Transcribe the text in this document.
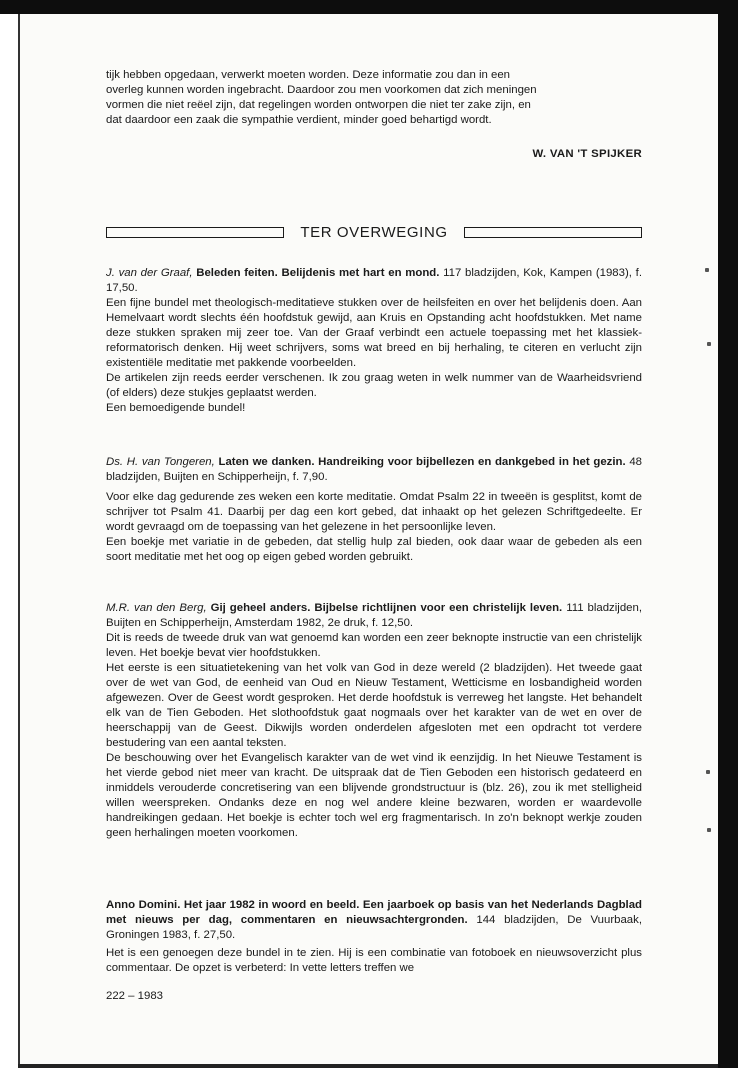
tijk hebben opgedaan, verwerkt moeten worden. Deze informatie zou dan in een

overleg kunnen worden ingebracht. Daardoor zou men voorkomen dat zich meningen

vormen die niet reëel zijn, dat regelingen worden ontworpen die niet ter zake zijn, en

dat daardoor een zaak die sympathie verdient, minder goed behartigd wordt.

W. VAN 'T SPIJKER
TER OVERWEGING

J. van der Graaf, Beleden feiten. Belijdenis met hart en mond. 117 bladzijden, Kok, Kampen (1983), f. 17,50.

Een fijne bundel met theologisch-meditatieve stukken over de heilsfeiten en over het belijdenis doen. Aan Hemelvaart wordt slechts één hoofdstuk gewijd, aan Kruis en Opstanding acht hoofdstukken. Met name deze stukken spraken mij zeer toe. Van der Graaf verbindt een actuele toepassing met het klassiek-reformatorisch denken. Hij weet schrijvers, soms wat breed en bij herhaling, te citeren en verlucht zijn existentiële meditatie met pakkende voorbeelden.

De artikelen zijn reeds eerder verschenen. Ik zou graag weten in welk nummer van de Waarheidsvriend (of elders) deze stukjes geplaatst werden.

Een bemoedigende bundel!

Ds. H. van Tongeren, Laten we danken. Handreiking voor bijbellezen en dankgebed in het gezin. 48 bladzijden, Buijten en Schipperheijn, f. 7,90.

Voor elke dag gedurende zes weken een korte meditatie. Omdat Psalm 22 in tweeën is gesplitst, komt de schrijver tot Psalm 41. Daarbij per dag een kort gebed, dat inhaakt op het gelezen Schriftgedeelte. Er wordt gevraagd om de toepassing van het gelezene in het persoonlijke leven.

Een boekje met variatie in de gebeden, dat stellig hulp zal bieden, ook daar waar de gebeden als een soort meditatie met het oog op eigen gebed worden gebruikt.

M.R. van den Berg, Gij geheel anders. Bijbelse richtlijnen voor een christelijk leven. 111 bladzijden, Buijten en Schipperheijn, Amsterdam 1982, 2e druk, f. 12,50.

Dit is reeds de tweede druk van wat genoemd kan worden een zeer beknopte instructie van een christelijk leven. Het boekje bevat vier hoofdstukken.

Het eerste is een situatietekening van het volk van God in deze wereld (2 bladzijden). Het tweede gaat over de wet van God, de eenheid van Oud en Nieuw Testament, Wetticisme en losbandigheid worden afgewezen. Over de Geest wordt gesproken. Het derde hoofdstuk is verreweg het langste. Het behandelt elk van de Tien Geboden. Het slothoofdstuk gaat nogmaals over het karakter van de wet en over de heerschappij van de Geest. Dikwijls worden onderdelen afgesloten met een opdracht tot verdere bestudering van een aantal teksten.

De beschouwing over het Evangelisch karakter van de wet vind ik eenzijdig. In het Nieuwe Testament is het vierde gebod niet meer van kracht. De uitspraak dat de Tien Geboden een historisch gedateerd en inmiddels verouderde concretisering van een blijvende grondstructuur is (blz. 26), zou ik met stelligheid willen weerspreken. Ondanks deze en nog wel andere kleine bezwaren, worden er waardevolle handreikingen gedaan. Het boekje is echter toch wel erg fragmentarisch. In zo'n beknopt werkje zouden geen herhalingen moeten voorkomen.

Anno Domini. Het jaar 1982 in woord en beeld. Een jaarboek op basis van het Nederlands Dagblad met nieuws per dag, commentaren en nieuwsachtergronden. 144 bladzijden, De Vuurbaak, Groningen 1983, f. 27,50.

Het is een genoegen deze bundel in te zien. Hij is een combinatie van fotoboek en nieuwsoverzicht plus commentaar. De opzet is verbeterd: In vette letters treffen we

222 – 1983
